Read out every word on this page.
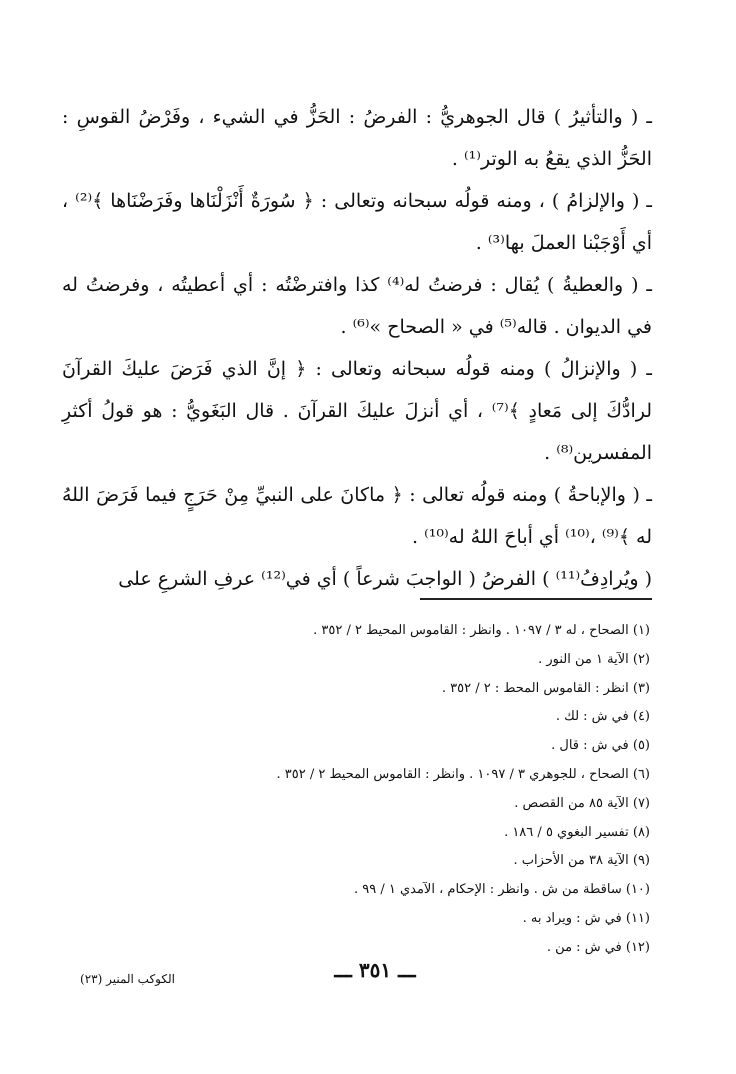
ـ ( والتأثيرُ ) قال الجوهريُّ : الفرضُ : الحَزُّ في الشيء ، وفَرْضُ القوسِ : الحَزُّ الذي يقعُ به الوتر⁽¹⁾ .

ـ ( والإلزامُ ) ، ومنه قولُه سبحانه وتعالى : ﴿ سُورَةٌ أَنْزَلْنَاها وفَرَضْنَاها ﴾⁽²⁾ ، أي أَوْجَبْنا العملَ بها⁽³⁾ .

ـ ( والعطيةُ ) يُقال : فرضتُ له⁽⁴⁾ كذا وافترضْتُه : أي أعطيتُه ، وفرضتُ له في الديوان . قاله⁽⁵⁾ في « الصحاح »⁽⁶⁾ .

ـ ( والإنزالُ ) ومنه قولُه سبحانه وتعالى : ﴿ إنَّ الذي فَرَضَ عليكَ القرآنَ لرادُّكَ إلى مَعادٍ ﴾⁽⁷⁾ ، أي أنزلَ عليكَ القرآنَ . قال البَغَويُّ : هو قولُ أكثرِ المفسرين⁽⁸⁾ .

ـ ( والإباحةُ ) ومنه قولُه تعالى : ﴿ ماكانَ على النبيِّ مِنْ حَرَجٍ فيما فَرَضَ اللهُ له ﴾⁽⁹⁾ ،⁽¹⁰⁾ أي أباحَ اللهُ له⁽¹⁰⁾ .

( ويُرادِفُ⁽¹¹⁾ ) الفرضُ ( الواجبَ شرعاً ) أي في⁽¹²⁾ عرفِ الشرعِ على

(١) الصحاح ، له ٣ / ١٠٩٧ . وانظر : القاموس المحيط ٢ / ٣٥٢ .
(٢) الآية ١ من النور .
(٣) انظر : القاموس المحط : ٢ / ٣٥٢ .
(٤) في ش : لك .
(٥) في ش : قال .
(٦) الصحاح ، للجوهري ٣ / ١٠٩٧ . وانظر : القاموس المحيط ٢ / ٣٥٢ .
(٧) الآية ٨٥ من القصص .
(٨) تفسير البغوي ٥ / ١٨٦ .
(٩) الآية ٣٨ من الأحزاب .
(١٠) ساقطة من ش . وانظر : الإحكام ، الآمدي ١ / ٩٩ .
(١١) في ش : ويراد به .
(١٢) في ش : من .
الكوكب المنير (٢٣)	ـــ ٣٥١ ـــ
